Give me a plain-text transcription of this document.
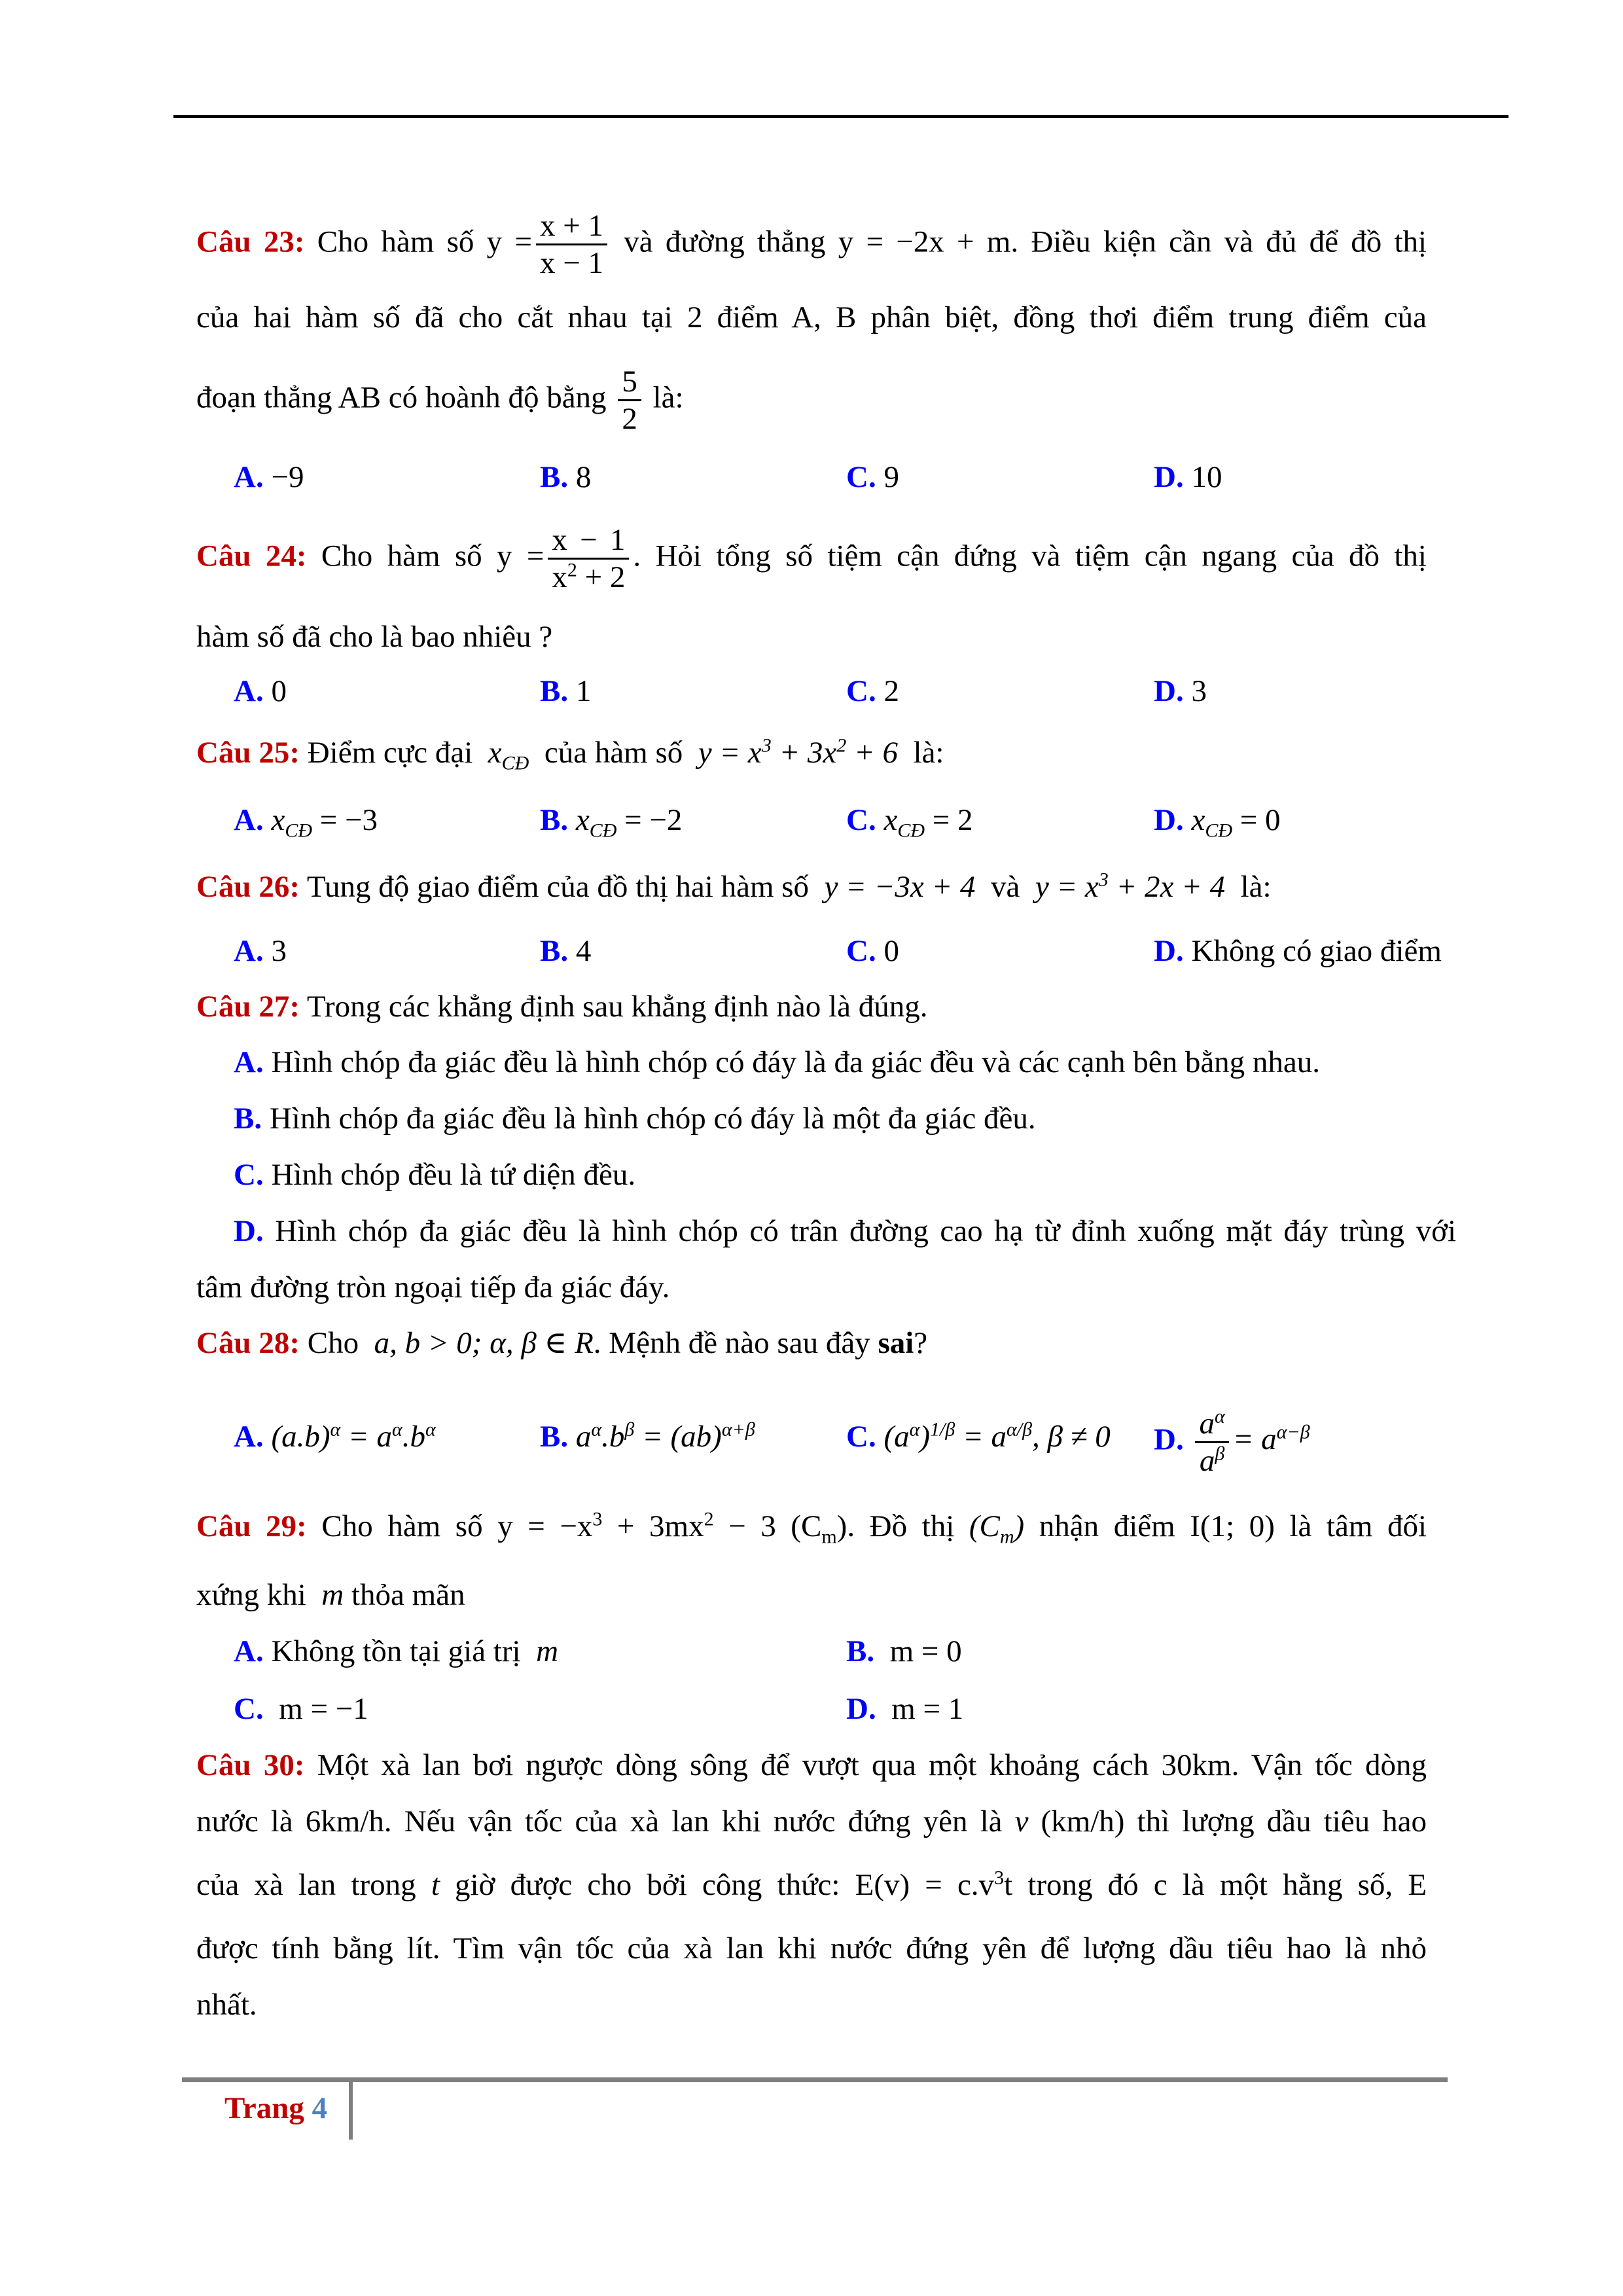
Câu 23: Cho hàm số $y = \frac{x + 1}{x - 1}$ và đường thẳng y = −2x + m. Điều kiện cần và đủ để đồ thị
của hai hàm số đã cho cắt nhau tại 2 điểm A, B phân biệt, đồng thơi điểm trung điểm của
đoạn thẳng AB có hoành độ bằng $\frac{5}{2}$ là:
A. −9	B. 8	C. 9	D. 10
Câu 24: Cho hàm số $y = \frac{x - 1}{x^2 + 2}$ . Hỏi tổng số tiệm cận đứng và tiệm cận ngang của đồ thị
hàm số đã cho là bao nhiêu ?
A. 0	B. 1	C. 2	D. 3
Câu 25: Điểm cực đại $x_{CĐ}$ của hàm số $y = x^3 + 3x^2 + 6$ là:
A. $x_{CĐ} = -3$	B. $x_{CĐ} = -2$	C. $x_{CĐ} = 2$	D. $x_{CĐ} = 0$
Câu 26: Tung độ giao điểm của đồ thị hai hàm số y = −3x + 4 và $y = x^3 + 2x + 4$ là:
A. 3	B. 4	C. 0	D. Không có giao điểm
Câu 27: Trong các khẳng định sau khẳng định nào là đúng.
A. Hình chóp đa giác đều là hình chóp có đáy là đa giác đều và các cạnh bên bằng nhau.
B. Hình chóp đa giác đều là hình chóp có đáy là một đa giác đều.
C. Hình chóp đều là tứ diện đều.
D. Hình chóp đa giác đều là hình chóp có trân đường cao hạ từ đỉnh xuống mặt đáy trùng với
tâm đường tròn ngoại tiếp đa giác đáy.
Câu 28: Cho a, b > 0; α, β ∈ R. Mệnh đề nào sau đây sai?
A. $(a.b)^\alpha = a^\alpha.b^\alpha$	B. $a^\alpha.b^\beta = (ab)^{\alpha+\beta}$	C. $(a^\alpha)^{1/\beta} = a^{\alpha/\beta}$, β ≠ 0 D. $\frac{a^\alpha}{a^\beta} = a^{\alpha-\beta}$
Câu 29: Cho hàm số $y = -x^3 + 3mx^2 - 3$ $(C_m)$. Đồ thị $(C_m)$ nhận điểm I(1; 0) là tâm đối
xứng khi m thỏa mãn
A. Không tồn tại giá trị m	B. m = 0
C. m = −1	D. m = 1
Câu 30: Một xà lan bơi ngược dòng sông để vượt qua một khoảng cách 30km. Vận tốc dòng
nước là 6km/h. Nếu vận tốc của xà lan khi nước đứng yên là v (km/h) thì lượng dầu tiêu hao
của xà lan trong t giờ được cho bởi công thức: $E(v) = c.v^3t$ trong đó c là một hằng số, E
được tính bằng lít. Tìm vận tốc của xà lan khi nước đứng yên để lượng dầu tiêu hao là nhỏ
nhất.
Trang 4
